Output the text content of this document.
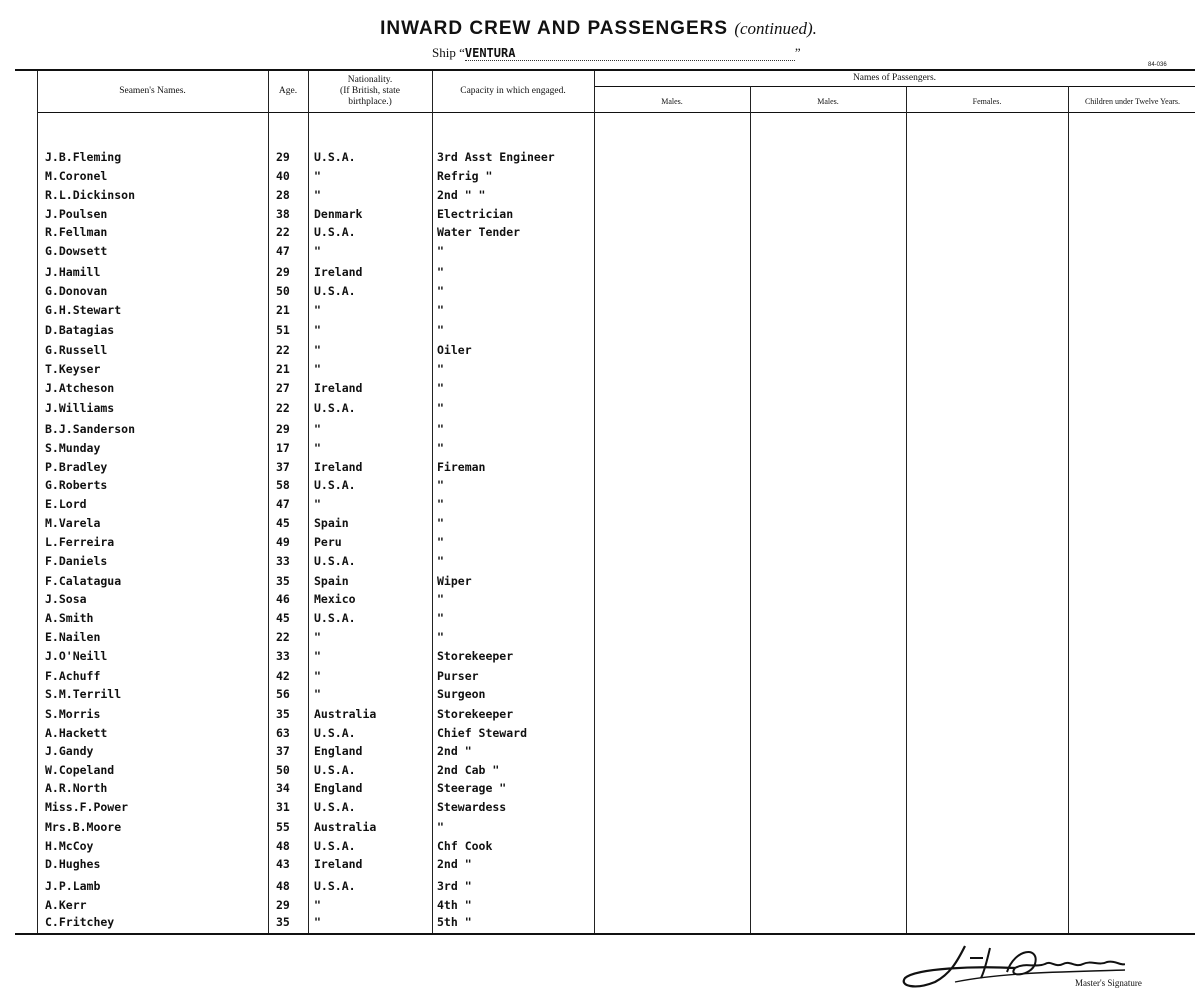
INWARD CREW AND PASSENGERS (continued).
Ship “VENTURA	”
84-036
Seamen's Names.	Age.
Nationality.
(If British, state
birthplace.)
Capacity in which engaged.
Names of Passengers.
Males.	Males.	Females.	Children under Twelve Years.
J.B.Fleming	29 U.S.A.	3rd Asst Engineer
M.Coronel	40 "	Refrig "
R.L.Dickinson	28 "	2nd " "
J.Poulsen	38 Denmark	Electrician
R.Fellman	22 U.S.A.	Water Tender
G.Dowsett	47 "	"
J.Hamill	29 Ireland	"
G.Donovan	50 U.S.A.	"
G.H.Stewart	21 "	"
D.Batagias	51 "	"
G.Russell	22 "	Oiler
T.Keyser	21 "	"
J.Atcheson	27 Ireland	"
J.Williams	22 U.S.A.	"
B.J.Sanderson	29 "	"
S.Munday	17 "	"
P.Bradley	37 Ireland	Fireman
G.Roberts	58 U.S.A.	"
E.Lord	47 "	"
M.Varela	45 Spain	"
L.Ferreira	49 Peru	"
F.Daniels	33 U.S.A.	"
F.Calatagua	35 Spain	Wiper
J.Sosa	46 Mexico	"
A.Smith	45 U.S.A.	"
E.Nailen	22 "	"
J.O'Neill	33 "	Storekeeper
F.Achuff	42 "	Purser
S.M.Terrill	56 "	Surgeon
S.Morris	35 Australia	Storekeeper
A.Hackett	63 U.S.A.	Chief Steward
J.Gandy	37 England	2nd "
W.Copeland	50 U.S.A.	2nd Cab "
A.R.North	34 England	Steerage "
Miss.F.Power	31 U.S.A.	Stewardess
Mrs.B.Moore	55 Australia	"
H.McCoy	48 U.S.A.	Chf Cook
D.Hughes	43 Ireland	2nd "
J.P.Lamb	48 U.S.A.	3rd "
A.Kerr	29 "	4th "
C.Fritchey	35 "	5th "
Master's Signature
